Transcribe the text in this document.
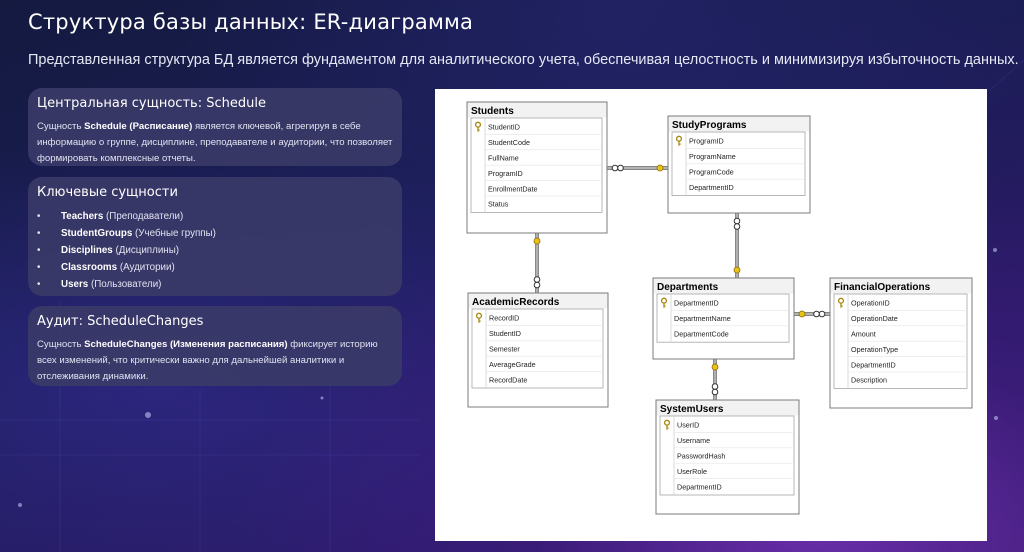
Структура базы данных: ER-диаграмма

Представленная структура БД является фундаментом для аналитического учета, обеспечивая целостность и минимизируя избыточность данных.

Центральная сущность: Schedule

Сущность Schedule (Расписание) является ключевой, агрегируя в себе информацию о группе, дисциплине, преподавателе и аудитории, что позволяет формировать комплексные отчеты.

Ключевые сущности
• Teachers (Преподаватели)
• StudentGroups (Учебные группы)
• Disciplines (Дисциплины)
• Classrooms (Аудитории)
• Users (Пользователи)
Аудит: ScheduleChanges

Сущность ScheduleChanges (Изменения расписания) фиксирует историю всех изменений, что критически важно для дальнейшей аналитики и отслеживания динамики.

Students
StudentID
StudentCode
FullName
ProgramID
EnrollmentDate
Status
StudyPrograms
ProgramID
ProgramName
ProgramCode
DepartmentID
AcademicRecords
RecordID
StudentID
Semester
AverageGrade
RecordDate
Departments
DepartmentID
DepartmentName
DepartmentCode
FinancialOperations
OperationID
OperationDate
Amount
OperationType
DepartmentID
Description
SystemUsers
UserID
Username
PasswordHash
UserRole
DepartmentID
